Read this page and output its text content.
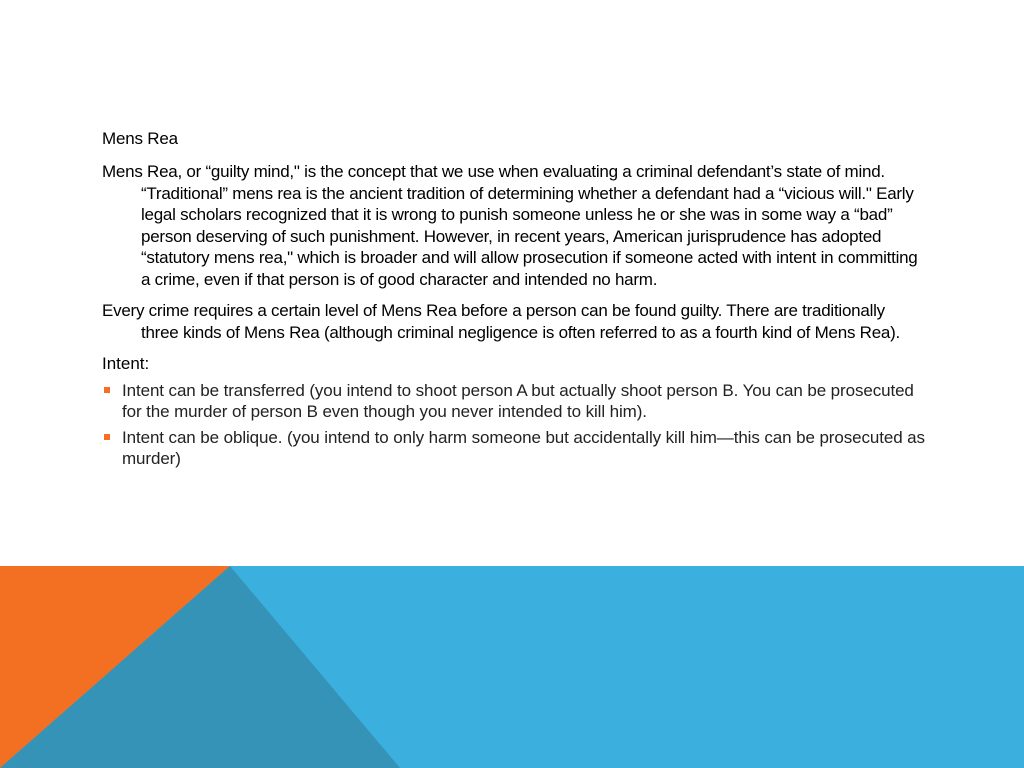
Mens Rea
Mens Rea, or “guilty mind," is the concept that we use when evaluating a criminal defendant’s state of mind. “Traditional” mens rea is the ancient tradition of determining whether a defendant had a “vicious will." Early legal scholars recognized that it is wrong to punish someone unless he or she was in some way a “bad” person deserving of such punishment. However, in recent years, American jurisprudence has adopted “statutory mens rea," which is broader and will allow prosecution if someone acted with intent in committing a crime, even if that person is of good character and intended no harm.
Every crime requires a certain level of Mens Rea before a person can be found guilty. There are traditionally three kinds of Mens Rea (although criminal negligence is often referred to as a fourth kind of Mens Rea).
Intent:
Intent can be transferred (you intend to shoot person A but actually shoot person B. You can be prosecuted for the murder of person B even though you never intended to kill him).
Intent can be oblique. (you intend to only harm someone but accidentally kill him—this can be prosecuted as murder)
